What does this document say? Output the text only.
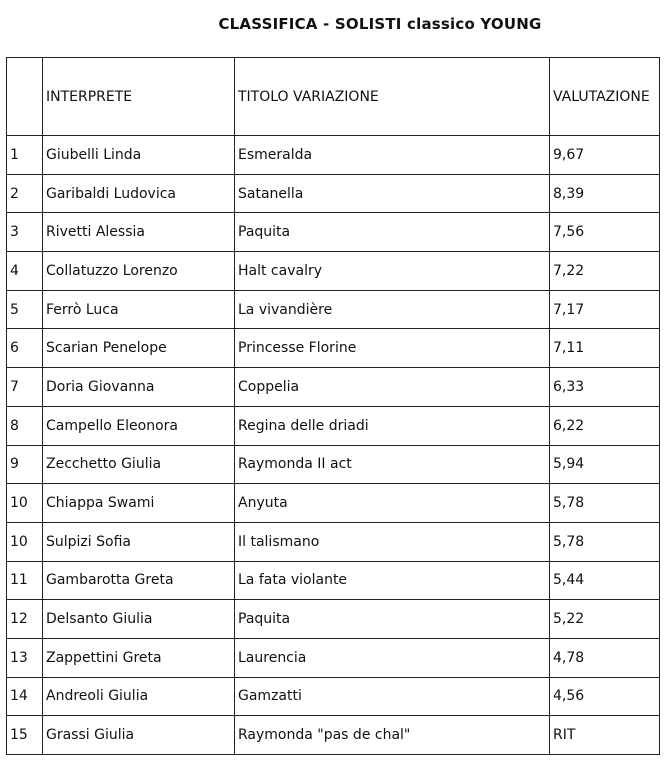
CLASSIFICA - SOLISTI classico YOUNG
	INTERPRETE	TITOLO VARIAZIONE	VALUTAZIONE
1	Giubelli Linda	Esmeralda	9,67
2	Garibaldi Ludovica	Satanella	8,39
3	Rivetti Alessia	Paquita	7,56
4	Collatuzzo Lorenzo	Halt cavalry	7,22
5	Ferrò Luca	La vivandière	7,17
6	Scarian Penelope	Princesse Florine	7,11
7	Doria Giovanna	Coppelia	6,33
8	Campello Eleonora	Regina delle driadi	6,22
9	Zecchetto Giulia	Raymonda II act	5,94
10	Chiappa Swami	Anyuta	5,78
10	Sulpizi Sofia	Il talismano	5,78
11	Gambarotta Greta	La fata violante	5,44
12	Delsanto Giulia	Paquita	5,22
13	Zappettini Greta	Laurencia	4,78
14	Andreoli Giulia	Gamzatti	4,56
15	Grassi Giulia	Raymonda "pas de chal"	RIT
